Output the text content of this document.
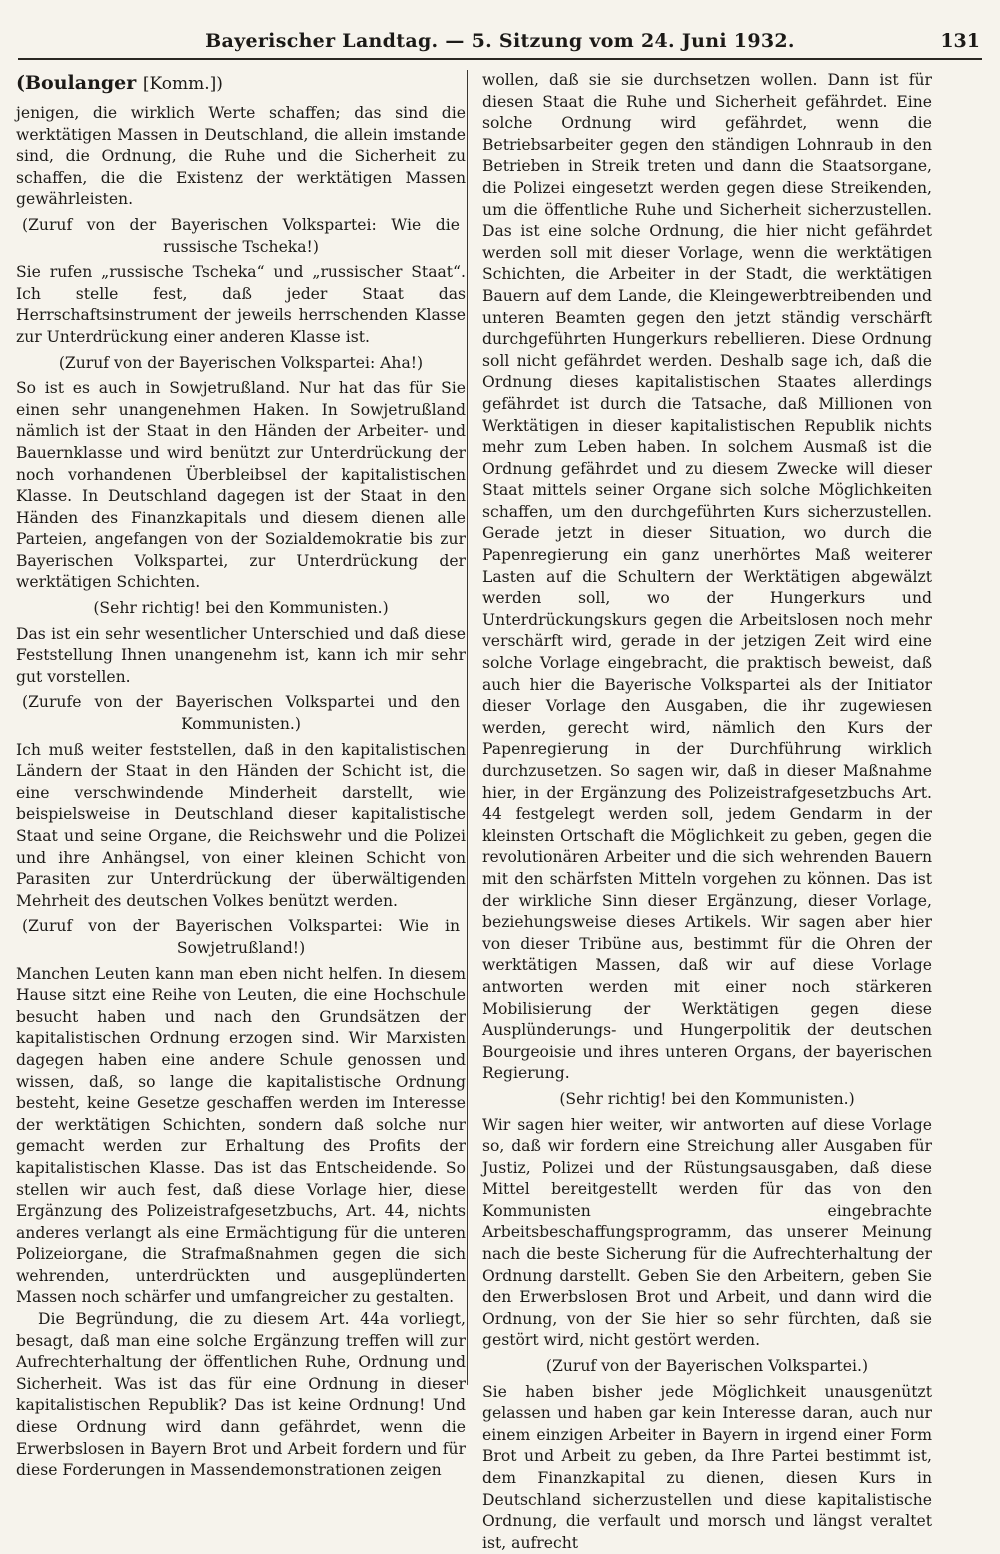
Bayerischer Landtag. — 5. Sitzung vom 24. Juni 1932.	131
(Boulanger [Komm.])

jenigen, die wirklich Werte schaffen; das sind die werktätigen Massen in Deutschland, die allein imstande sind, die Ordnung, die Ruhe und die Sicherheit zu schaffen, die die Existenz der werktätigen Massen gewährleisten.

(Zuruf von der Bayerischen Volkspartei: Wie die russische Tscheka!)

Sie rufen „russische Tscheka“ und „russischer Staat“. Ich stelle fest, daß jeder Staat das Herrschaftsinstrument der jeweils herrschenden Klasse zur Unterdrückung einer anderen Klasse ist.

(Zuruf von der Bayerischen Volkspartei: Aha!)

So ist es auch in Sowjetrußland. Nur hat das für Sie einen sehr unangenehmen Haken. In Sowjetrußland nämlich ist der Staat in den Händen der Arbeiter- und Bauernklasse und wird benützt zur Unterdrückung der noch vorhandenen Überbleibsel der kapitalistischen Klasse. In Deutschland dagegen ist der Staat in den Händen des Finanzkapitals und diesem dienen alle Parteien, angefangen von der Sozialdemokratie bis zur Bayerischen Volkspartei, zur Unterdrückung der werktätigen Schichten.

(Sehr richtig! bei den Kommunisten.)

Das ist ein sehr wesentlicher Unterschied und daß diese Feststellung Ihnen unangenehm ist, kann ich mir sehr gut vorstellen.

(Zurufe von der Bayerischen Volkspartei und den Kommunisten.)

Ich muß weiter feststellen, daß in den kapitalistischen Ländern der Staat in den Händen der Schicht ist, die eine verschwindende Minderheit darstellt, wie beispielsweise in Deutschland dieser kapitalistische Staat und seine Organe, die Reichswehr und die Polizei und ihre Anhängsel, von einer kleinen Schicht von Parasiten zur Unterdrückung der überwältigenden Mehrheit des deutschen Volkes benützt werden.

(Zuruf von der Bayerischen Volkspartei: Wie in Sowjetrußland!)

Manchen Leuten kann man eben nicht helfen. In diesem Hause sitzt eine Reihe von Leuten, die eine Hochschule besucht haben und nach den Grundsätzen der kapitalistischen Ordnung erzogen sind. Wir Marxisten dagegen haben eine andere Schule genossen und wissen, daß, so lange die kapitalistische Ordnung besteht, keine Gesetze geschaffen werden im Interesse der werktätigen Schichten, sondern daß solche nur gemacht werden zur Erhaltung des Profits der kapitalistischen Klasse. Das ist das Entscheidende. So stellen wir auch fest, daß diese Vorlage hier, diese Ergänzung des Polizeistrafgesetzbuchs, Art. 44, nichts anderes verlangt als eine Ermächtigung für die unteren Polizeiorgane, die Strafmaßnahmen gegen die sich wehrenden, unterdrückten und ausgeplünderten Massen noch schärfer und umfangreicher zu gestalten.

Die Begründung, die zu diesem Art. 44a vorliegt, besagt, daß man eine solche Ergänzung treffen will zur Aufrechterhaltung der öffentlichen Ruhe, Ordnung und Sicherheit. Was ist das für eine Ordnung in dieser kapitalistischen Republik? Das ist keine Ordnung! Und diese Ordnung wird dann gefährdet, wenn die Erwerbslosen in Bayern Brot und Arbeit fordern und für diese Forderungen in Massendemonstrationen zeigen

wollen, daß sie sie durchsetzen wollen. Dann ist für diesen Staat die Ruhe und Sicherheit gefährdet. Eine solche Ordnung wird gefährdet, wenn die Betriebsarbeiter gegen den ständigen Lohnraub in den Betrieben in Streik treten und dann die Staatsorgane, die Polizei eingesetzt werden gegen diese Streikenden, um die öffentliche Ruhe und Sicherheit sicherzustellen. Das ist eine solche Ordnung, die hier nicht gefährdet werden soll mit dieser Vorlage, wenn die werktätigen Schichten, die Arbeiter in der Stadt, die werktätigen Bauern auf dem Lande, die Kleingewerbtreibenden und unteren Beamten gegen den jetzt ständig verschärft durchgeführten Hungerkurs rebellieren. Diese Ordnung soll nicht gefährdet werden. Deshalb sage ich, daß die Ordnung dieses kapitalistischen Staates allerdings gefährdet ist durch die Tatsache, daß Millionen von Werktätigen in dieser kapitalistischen Republik nichts mehr zum Leben haben. In solchem Ausmaß ist die Ordnung gefährdet und zu diesem Zwecke will dieser Staat mittels seiner Organe sich solche Möglichkeiten schaffen, um den durchgeführten Kurs sicherzustellen. Gerade jetzt in dieser Situation, wo durch die Papenregierung ein ganz unerhörtes Maß weiterer Lasten auf die Schultern der Werktätigen abgewälzt werden soll, wo der Hungerkurs und Unterdrückungskurs gegen die Arbeitslosen noch mehr verschärft wird, gerade in der jetzigen Zeit wird eine solche Vorlage eingebracht, die praktisch beweist, daß auch hier die Bayerische Volkspartei als der Initiator dieser Vorlage den Ausgaben, die ihr zugewiesen werden, gerecht wird, nämlich den Kurs der Papenregierung in der Durchführung wirklich durchzusetzen. So sagen wir, daß in dieser Maßnahme hier, in der Ergänzung des Polizeistrafgesetzbuchs Art. 44 festgelegt werden soll, jedem Gendarm in der kleinsten Ortschaft die Möglichkeit zu geben, gegen die revolutionären Arbeiter und die sich wehrenden Bauern mit den schärfsten Mitteln vorgehen zu können. Das ist der wirkliche Sinn dieser Ergänzung, dieser Vorlage, beziehungsweise dieses Artikels. Wir sagen aber hier von dieser Tribüne aus, bestimmt für die Ohren der werktätigen Massen, daß wir auf diese Vorlage antworten werden mit einer noch stärkeren Mobilisierung der Werktätigen gegen diese Ausplünderungs- und Hungerpolitik der deutschen Bourgeoisie und ihres unteren Organs, der bayerischen Regierung.

(Sehr richtig! bei den Kommunisten.)

Wir sagen hier weiter, wir antworten auf diese Vorlage so, daß wir fordern eine Streichung aller Ausgaben für Justiz, Polizei und der Rüstungsausgaben, daß diese Mittel bereitgestellt werden für das von den Kommunisten eingebrachte Arbeitsbeschaffungsprogramm, das unserer Meinung nach die beste Sicherung für die Aufrechterhaltung der Ordnung darstellt. Geben Sie den Arbeitern, geben Sie den Erwerbslosen Brot und Arbeit, und dann wird die Ordnung, von der Sie hier so sehr fürchten, daß sie gestört wird, nicht gestört werden.

(Zuruf von der Bayerischen Volkspartei.)

Sie haben bisher jede Möglichkeit unausgenützt gelassen und haben gar kein Interesse daran, auch nur einem einzigen Arbeiter in Bayern in irgend einer Form Brot und Arbeit zu geben, da Ihre Partei bestimmt ist, dem Finanzkapital zu dienen, diesen Kurs in Deutschland sicherzustellen und diese kapitalistische Ordnung, die verfault und morsch und längst veraltet ist, aufrecht
